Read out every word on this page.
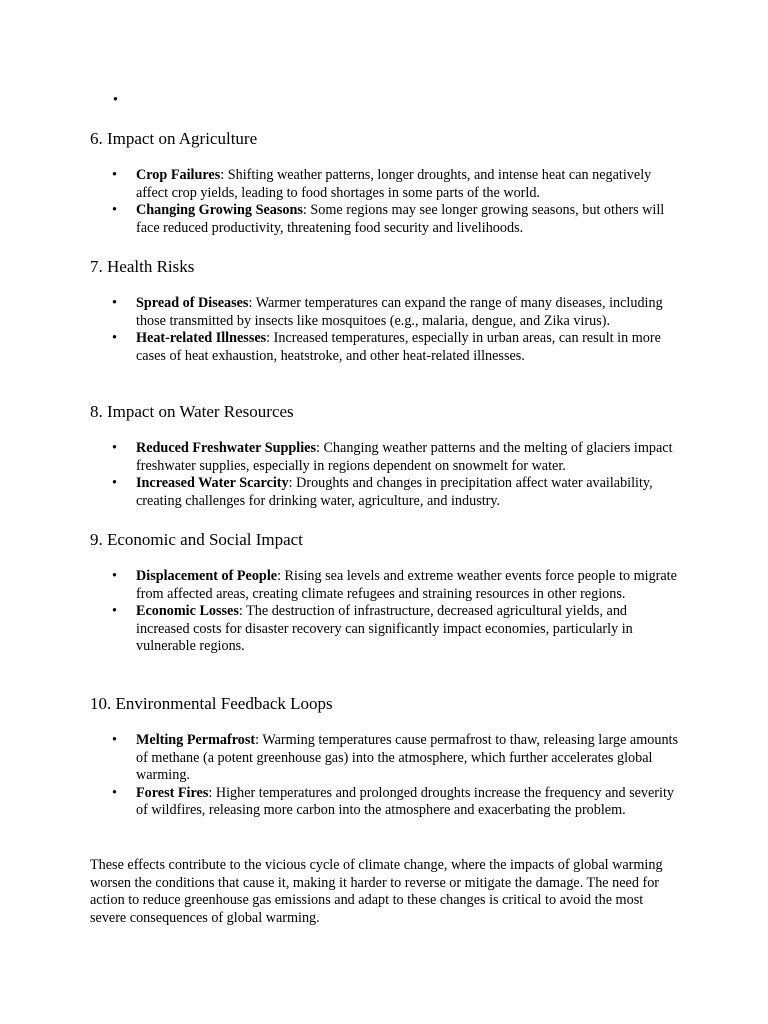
6. Impact on Agriculture
• Crop Failures: Shifting weather patterns, longer droughts, and intense heat can negatively affect crop yields, leading to food shortages in some parts of the world.
• Changing Growing Seasons: Some regions may see longer growing seasons, but others will face reduced productivity, threatening food security and livelihoods.
7. Health Risks
• Spread of Diseases: Warmer temperatures can expand the range of many diseases, including those transmitted by insects like mosquitoes (e.g., malaria, dengue, and Zika virus).
• Heat-related Illnesses: Increased temperatures, especially in urban areas, can result in more cases of heat exhaustion, heatstroke, and other heat-related illnesses.
8. Impact on Water Resources
• Reduced Freshwater Supplies: Changing weather patterns and the melting of glaciers impact freshwater supplies, especially in regions dependent on snowmelt for water.
• Increased Water Scarcity: Droughts and changes in precipitation affect water availability, creating challenges for drinking water, agriculture, and industry.
9. Economic and Social Impact
• Displacement of People: Rising sea levels and extreme weather events force people to migrate from affected areas, creating climate refugees and straining resources in other regions.
• Economic Losses: The destruction of infrastructure, decreased agricultural yields, and increased costs for disaster recovery can significantly impact economies, particularly in vulnerable regions.
10. Environmental Feedback Loops
• Melting Permafrost: Warming temperatures cause permafrost to thaw, releasing large amounts of methane (a potent greenhouse gas) into the atmosphere, which further accelerates global warming.
• Forest Fires: Higher temperatures and prolonged droughts increase the frequency and severity of wildfires, releasing more carbon into the atmosphere and exacerbating the problem.

These effects contribute to the vicious cycle of climate change, where the impacts of global warming worsen the conditions that cause it, making it harder to reverse or mitigate the damage. The need for action to reduce greenhouse gas emissions and adapt to these changes is critical to avoid the most severe consequences of global warming.
